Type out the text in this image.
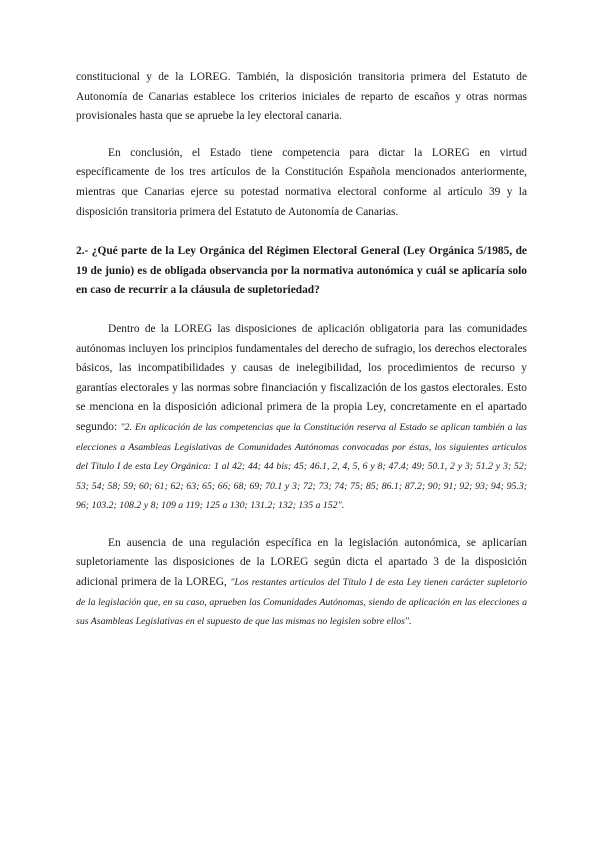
constitucional y de la LOREG. También, la disposición transitoria primera del Estatuto de Autonomía de Canarias establece los criterios iniciales de reparto de escaños y otras normas provisionales hasta que se apruebe la ley electoral canaria.

En conclusión, el Estado tiene competencia para dictar la LOREG en virtud específicamente de los tres artículos de la Constitución Española mencionados anteriormente, mientras que Canarias ejerce su potestad normativa electoral conforme al artículo 39 y la disposición transitoria primera del Estatuto de Autonomía de Canarias.

2.- ¿Qué parte de la Ley Orgánica del Régimen Electoral General (Ley Orgánica 5/1985, de 19 de junio) es de obligada observancia por la normativa autonómica y cuál se aplicaría solo en caso de recurrir a la cláusula de supletoriedad?

Dentro de la LOREG las disposiciones de aplicación obligatoria para las comunidades autónomas incluyen los principios fundamentales del derecho de sufragio, los derechos electorales básicos, las incompatibilidades y causas de inelegibilidad, los procedimientos de recurso y garantías electorales y las normas sobre financiación y fiscalización de los gastos electorales. Esto se menciona en la disposición adicional primera de la propia Ley, concretamente en el apartado segundo: "2. En aplicación de las competencias que la Constitución reserva al Estado se aplican también a las elecciones a Asambleas Legislativas de Comunidades Autónomas convocadas por éstas, los siguientes artículos del Título I de esta Ley Orgánica: 1 al 42; 44; 44 bis; 45; 46.1, 2, 4, 5, 6 y 8; 47.4; 49; 50.1, 2 y 3; 51.2 y 3; 52; 53; 54; 58; 59; 60; 61; 62; 63; 65; 66; 68; 69; 70.1 y 3; 72; 73; 74; 75; 85; 86.1; 87.2; 90; 91; 92; 93; 94; 95.3; 96; 103.2; 108.2 y 8; 109 a 119; 125 a 130; 131.2; 132; 135 a 152".

En ausencia de una regulación específica en la legislación autonómica, se aplicarían supletoriamente las disposiciones de la LOREG según dicta el apartado 3 de la disposición adicional primera de la LOREG, "Los restantes artículos del Título I de esta Ley tienen carácter supletorio de la legislación que, en su caso, aprueben las Comunidades Autónomas, siendo de aplicación en las elecciones a sus Asambleas Legislativas en el supuesto de que las mismas no legislen sobre ellos".
